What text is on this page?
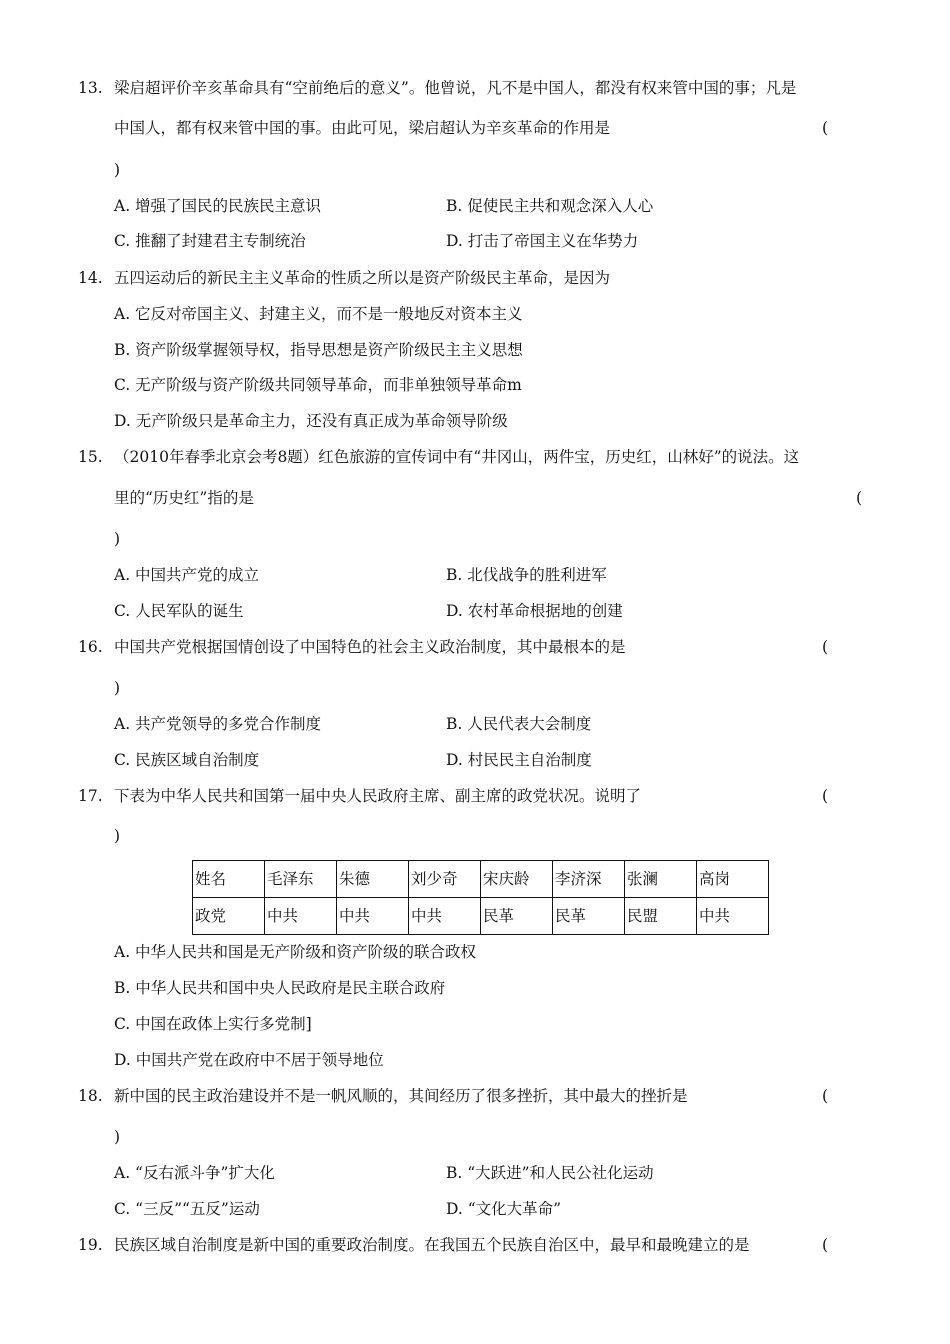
13. 梁启超评价辛亥革命具有“空前绝后的意义”。他曾说，凡不是中国人，都没有权来管中国的事；凡是
中国人，都有权来管中国的事。由此可见，梁启超认为辛亥革命的作用是	(
)
A. 增强了国民的民族民主意识	B. 促使民主共和观念深入人心
C. 推翻了封建君主专制统治	D. 打击了帝国主义在华势力
14. 五四运动后的新民主主义革命的性质之所以是资产阶级民主革命，是因为
A. 它反对帝国主义、封建主义，而不是一般地反对资本主义
B. 资产阶级掌握领导权，指导思想是资产阶级民主主义思想
C. 无产阶级与资产阶级共同领导革命，而非单独领导革命m
D. 无产阶级只是革命主力，还没有真正成为革命领导阶级
15. （2010年春季北京会考8题）红色旅游的宣传词中有“井冈山，两件宝，历史红，山林好”的说法。这
里的“历史红”指的是	(
)
A. 中国共产党的成立	B. 北伐战争的胜利进军
C. 人民军队的诞生	D. 农村革命根据地的创建
16. 中国共产党根据国情创设了中国特色的社会主义政治制度，其中最根本的是	(
)
A. 共产党领导的多党合作制度	B. 人民代表大会制度
C. 民族区域自治制度	D. 村民民主自治制度
17. 下表为中华人民共和国第一届中央人民政府主席、副主席的政党状况。说明了	(
)
姓名	毛泽东	朱德	刘少奇	宋庆龄	李济深	张澜	高岗
政党	中共	中共	中共	民革	民革	民盟	中共
A. 中华人民共和国是无产阶级和资产阶级的联合政权
B. 中华人民共和国中央人民政府是民主联合政府
C. 中国在政体上实行多党制]
D. 中国共产党在政府中不居于领导地位
18. 新中国的民主政治建设并不是一帆风顺的，其间经历了很多挫折，其中最大的挫折是	(
)
A. “反右派斗争”扩大化	B. “大跃进”和人民公社化运动
C. “三反”“五反”运动	D. “文化大革命”
19. 民族区域自治制度是新中国的重要政治制度。在我国五个民族自治区中，最早和最晚建立的是	(
